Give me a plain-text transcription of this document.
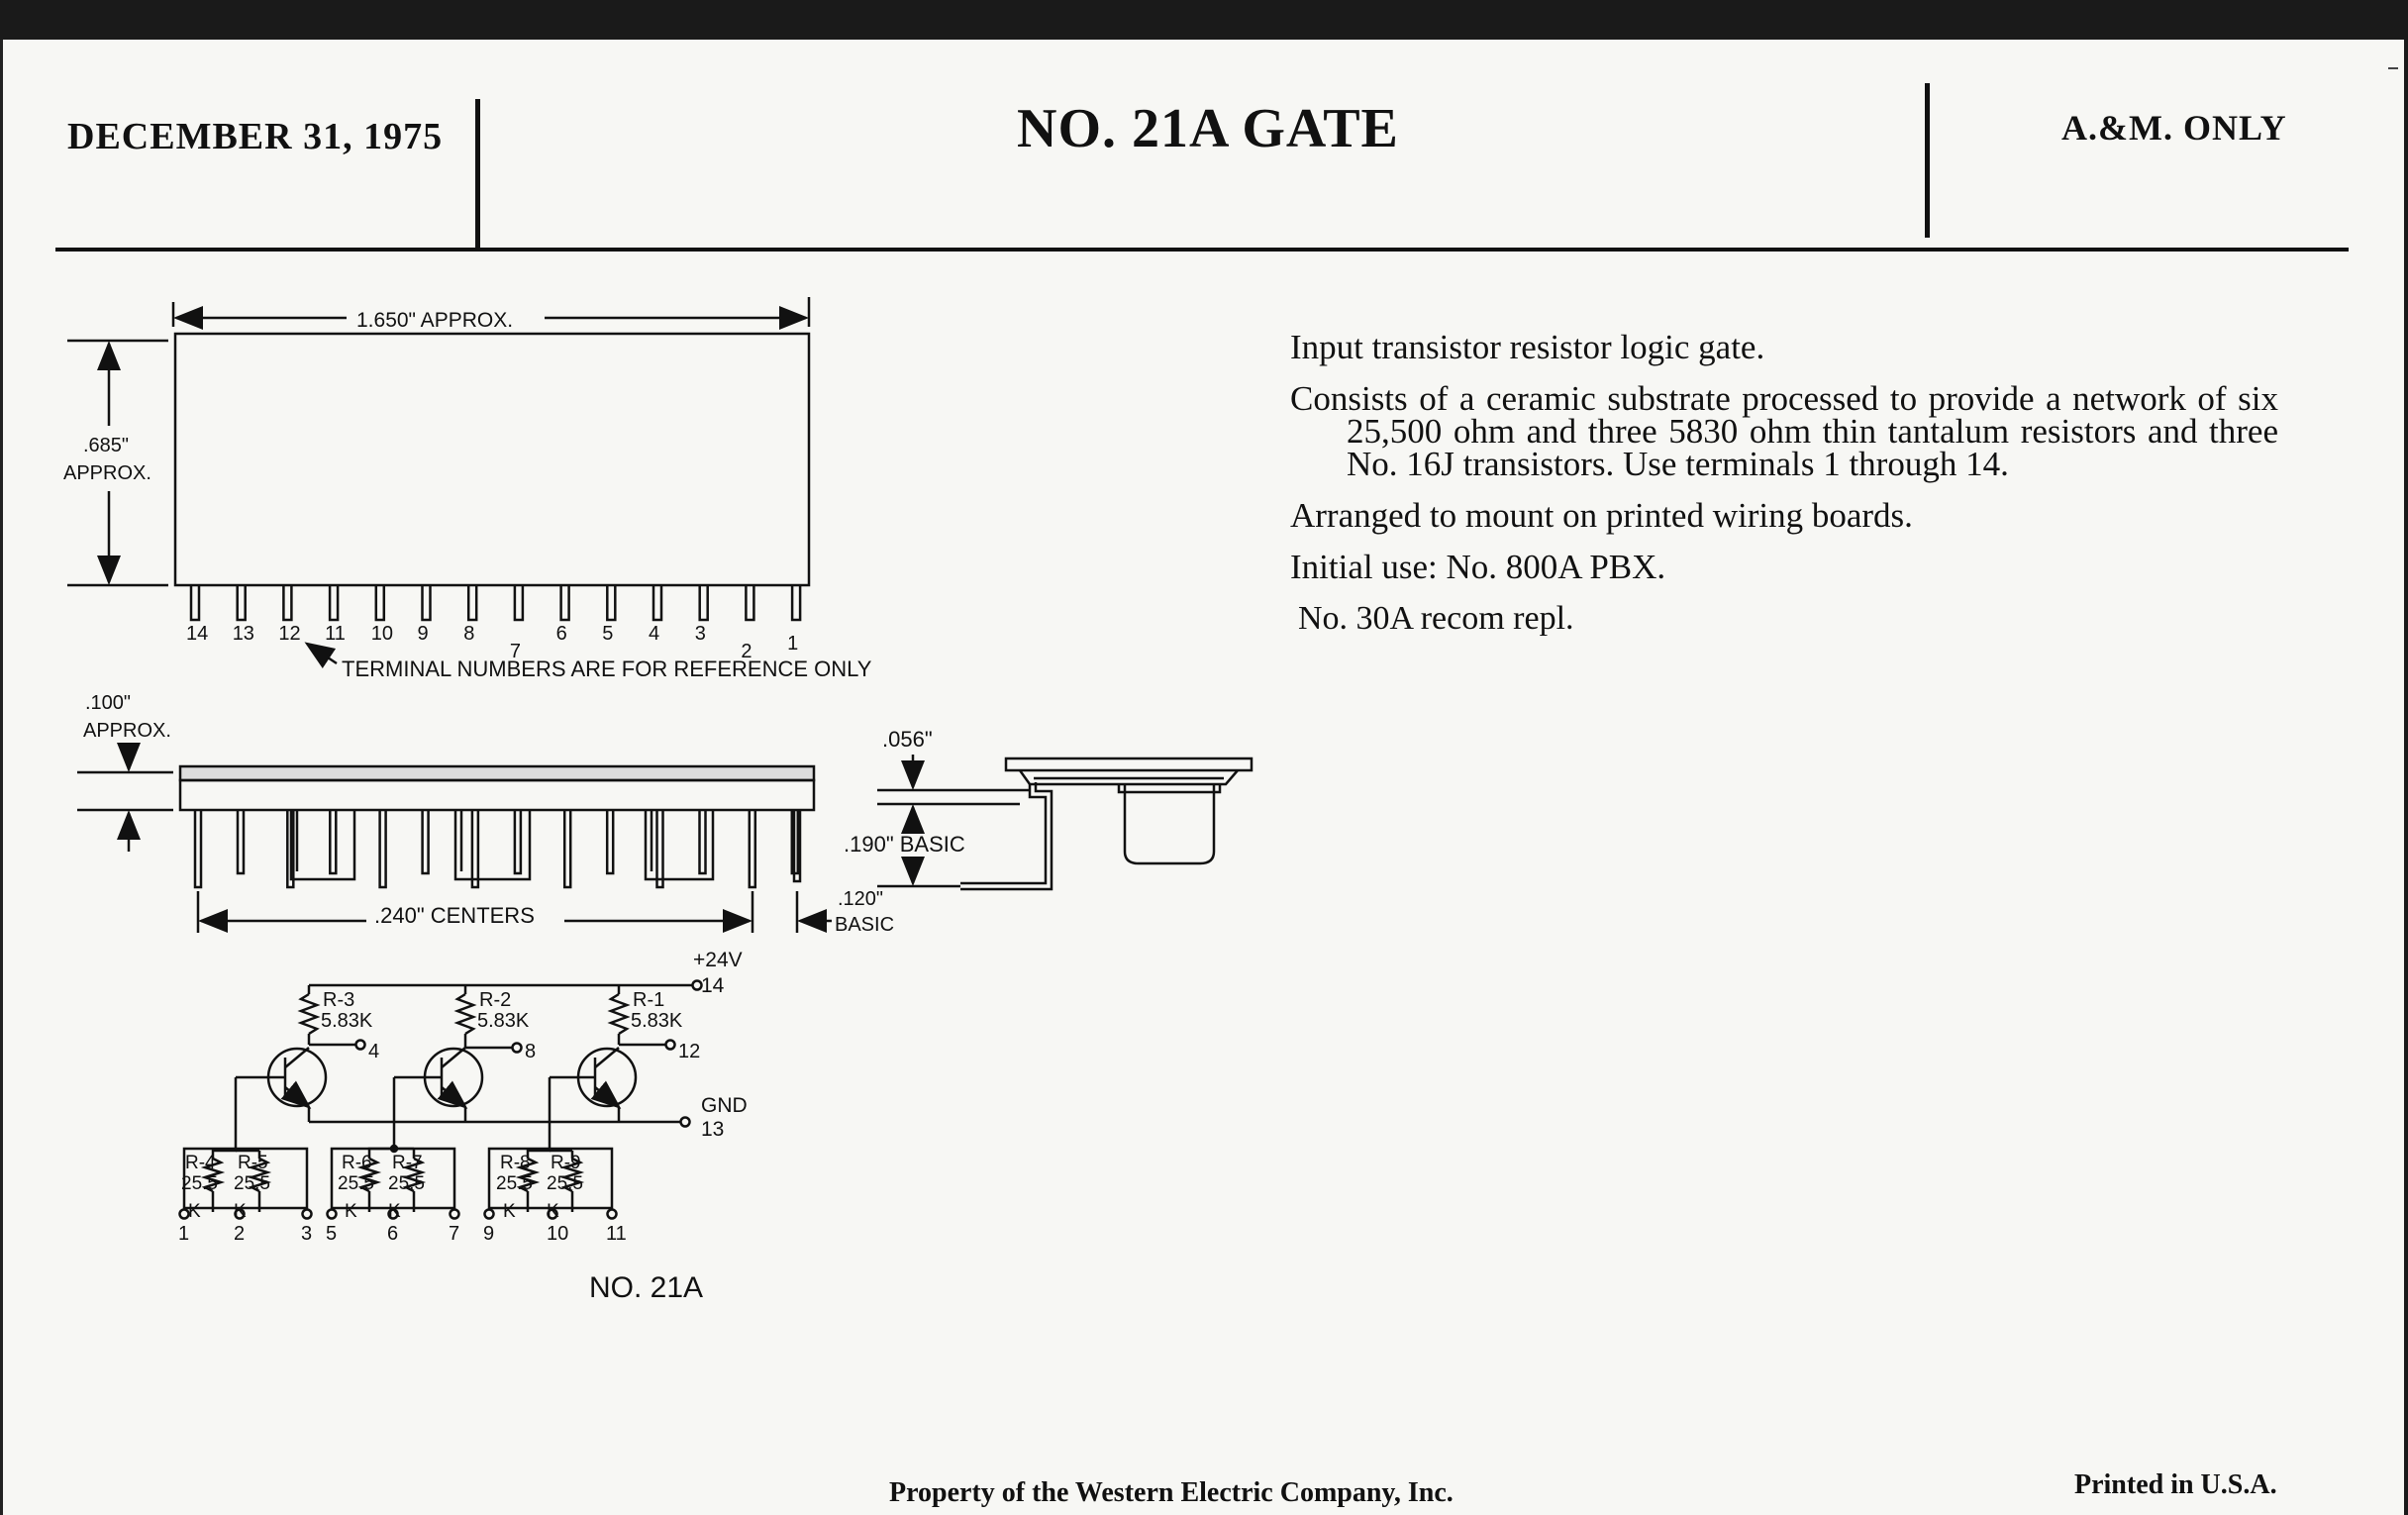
DECEMBER 31, 1975	NO. 21A GATE	A.&M. ONLY

Input transistor resistor logic gate.

Consists of a ceramic substrate processed to provide a network of six 25,500 ohm and three 5830 ohm thin tantalum resistors and three No. 16J transistors. Use terminals 1 through 14.

Arranged to mount on printed wiring boards.

Initial use: No. 800A PBX.

No. 30A recom repl.

1.650" APPROX.
.685"
APPROX.
14 13 12 11 10 9 8
7
6 5 4 3
2 1
TERMINAL NUMBERS ARE FOR REFERENCE ONLY
.100"
APPROX.
.240" CENTERS
.120"
BASIC
.056"
.190" BASIC
+24V
14
GND
13
R-3
5.83K
4
R-2
5.83K
8
R-1
5.83K
12
R-4
25.5
K
R-5
25.5
K
R-6
25.5
K
R-7
25.5
K
R-8
25.5
K
R-9
25.5
K
1 2	3 5	6	7 9	10 11
NO. 21A
Property of the Western Electric Company, Inc.	Printed in U.S.A.
